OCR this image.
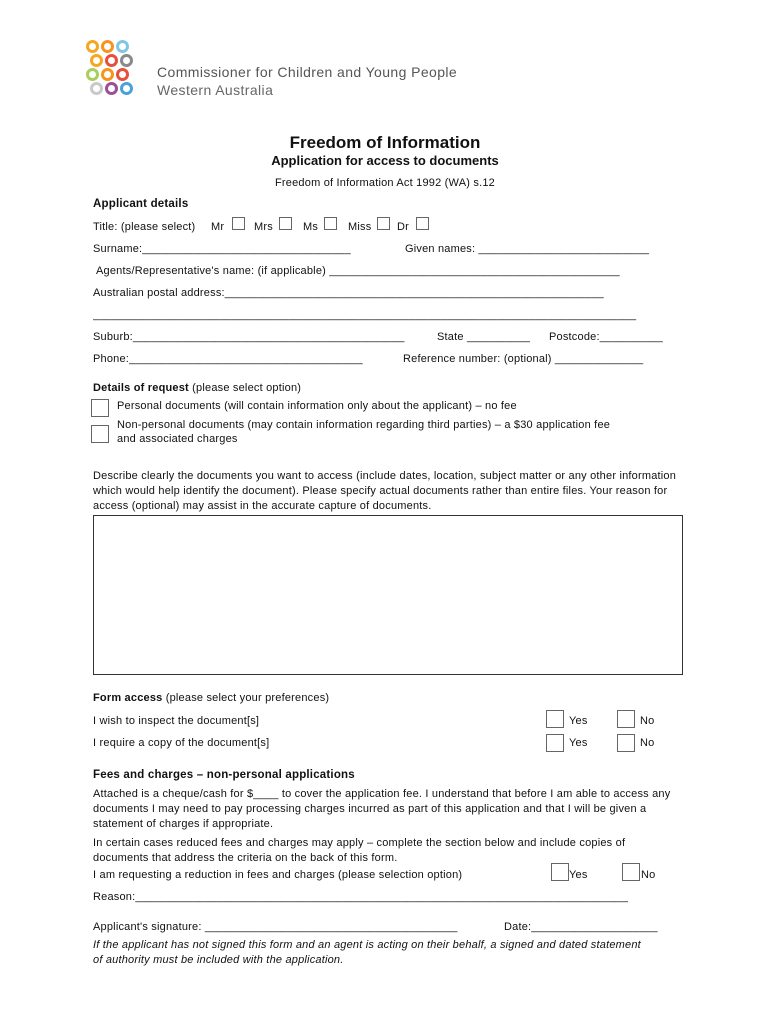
Commissioner for Children and Young People
Western Australia
Freedom of Information
Application for access to documents
Freedom of Information Act 1992 (WA) s.12
Applicant details
Title: (please select) Mr	Mrs	Ms	Miss Dr
Surname:_________________________________	Given names: ___________________________
Agents/Representative's name: (if applicable) ______________________________________________
Australian postal address:____________________________________________________________
______________________________________________________________________________________
Suburb:___________________________________________	State __________ Postcode:__________
Phone:_____________________________________	Reference number: (optional) ______________
Details of request (please select option)
Personal documents (will contain information only about the applicant) – no fee
Non-personal documents (may contain information regarding third parties) – a $30 application fee
and associated charges
Describe clearly the documents you want to access (include dates, location, subject matter or any other information which would help identify the document). Please specify actual documents rather than entire files. Your reason for access (optional) may assist in the accurate capture of documents.
Form access (please select your preferences)
I wish to inspect the document[s]	Yes	No
I require a copy of the document[s]	Yes	No
Fees and charges – non-personal applications
Attached is a cheque/cash for $____ to cover the application fee. I understand that before I am able to access any documents I may need to pay processing charges incurred as part of this application and that I will be given a statement of charges if appropriate.
In certain cases reduced fees and charges may apply – complete the section below and include copies of documents that address the criteria on the back of this form.
I am requesting a reduction in fees and charges (please selection option)	Yes	No
Reason:______________________________________________________________________________
Applicant's signature: ________________________________________	Date:____________________
If the applicant has not signed this form and an agent is acting on their behalf, a signed and dated statement of authority must be included with the application.
